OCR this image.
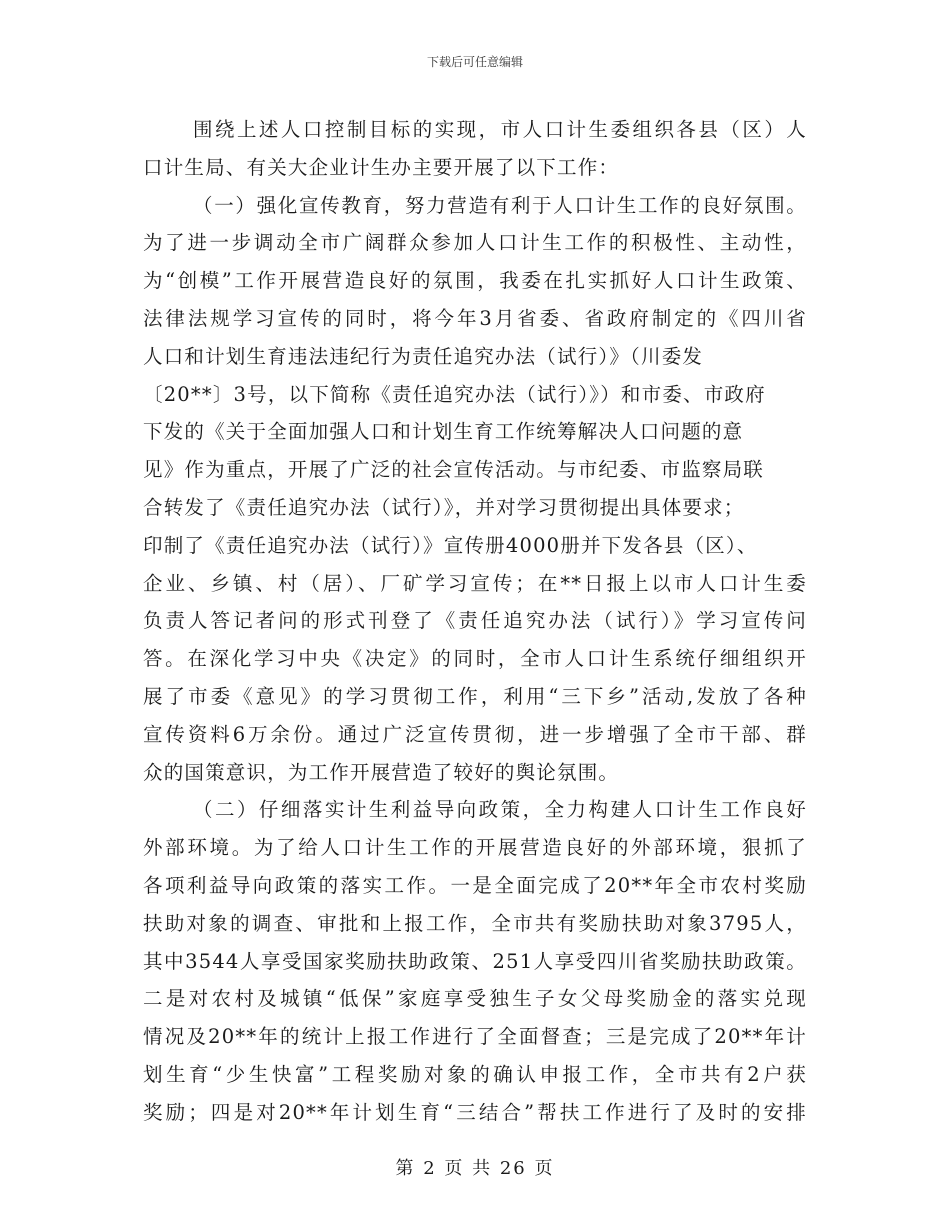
下载后可任意编辑
围绕上述人口控制目标的实现，市人口计生委组织各县（区）人
口计生局、有关大企业计生办主要开展了以下工作：
（一）强化宣传教育，努力营造有利于人口计生工作的良好氛围。
为了进一步调动全市广阔群众参加人口计生工作的积极性、主动性，
为“创模”工作开展营造良好的氛围，我委在扎实抓好人口计生政策、
法律法规学习宣传的同时，将今年3月省委、省政府制定的《四川省
人口和计划生育违法违纪行为责任追究办法（试行）》（川委发
〔20**〕3号，以下简称《责任追究办法（试行）》）和市委、市政府
下发的《关于全面加强人口和计划生育工作统筹解决人口问题的意
见》作为重点，开展了广泛的社会宣传活动。与市纪委、市监察局联
合转发了《责任追究办法（试行）》，并对学习贯彻提出具体要求；
印制了《责任追究办法（试行）》宣传册4000册并下发各县（区）、
企业、乡镇、村（居）、厂矿学习宣传；在**日报上以市人口计生委
负责人答记者问的形式刊登了《责任追究办法（试行）》学习宣传问
答。在深化学习中央《决定》的同时，全市人口计生系统仔细组织开
展了市委《意见》的学习贯彻工作，利用“三下乡”活动,发放了各种
宣传资料6万余份。通过广泛宣传贯彻，进一步增强了全市干部、群
众的国策意识，为工作开展营造了较好的舆论氛围。
（二）仔细落实计生利益导向政策，全力构建人口计生工作良好
外部环境。为了给人口计生工作的开展营造良好的外部环境，狠抓了
各项利益导向政策的落实工作。一是全面完成了20**年全市农村奖励
扶助对象的调查、审批和上报工作，全市共有奖励扶助对象3795人，
其中3544人享受国家奖励扶助政策、251人享受四川省奖励扶助政策。
二是对农村及城镇“低保”家庭享受独生子女父母奖励金的落实兑现
情况及20**年的统计上报工作进行了全面督查；三是完成了20**年计
划生育“少生快富”工程奖励对象的确认申报工作，全市共有2户获
奖励；四是对20**年计划生育“三结合”帮扶工作进行了及时的安排
第 2 页 共 26 页
